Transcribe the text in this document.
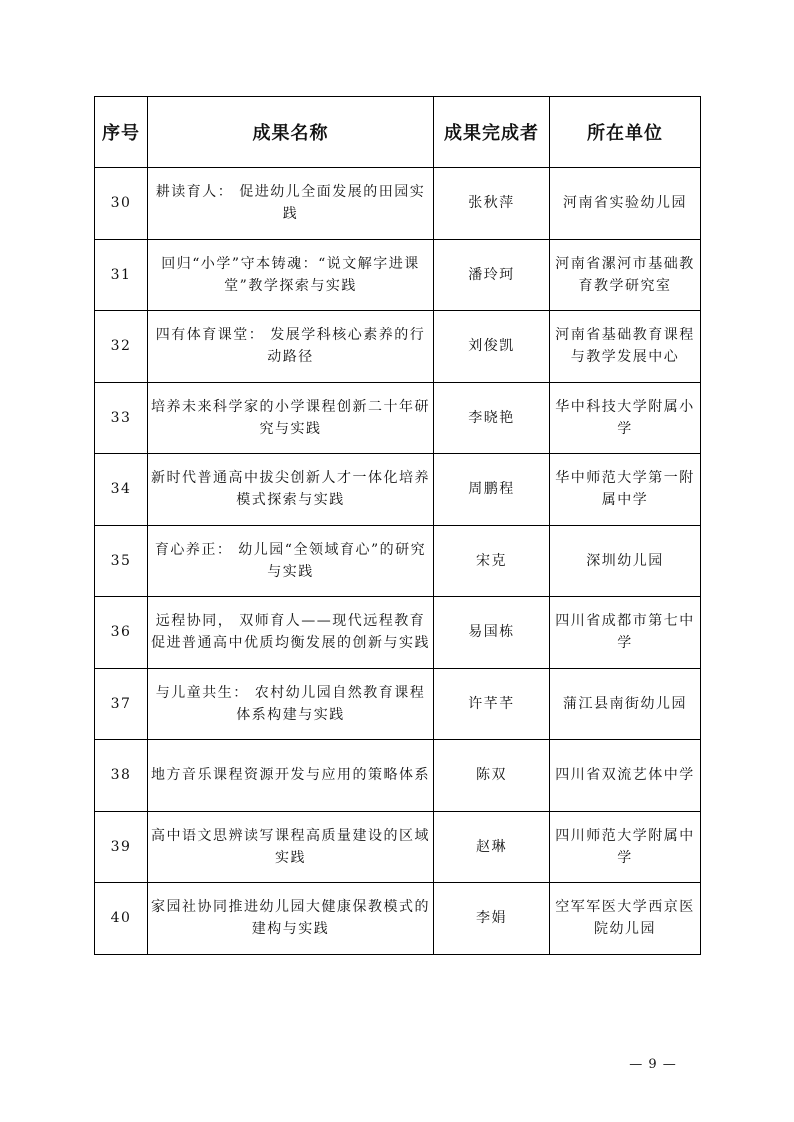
序号	成果名称	成果完成者	所在单位
30	耕读育人： 促进幼儿全面发展的田园实践	张秋萍	河南省实验幼儿园
31	回归“小学”守本铸魂：“说文解字进课堂”教学探索与实践	潘玲珂	河南省漯河市基础教育教学研究室
32	四有体育课堂： 发展学科核心素养的行动路径	刘俊凯	河南省基础教育课程与教学发展中心
33	培养未来科学家的小学课程创新二十年研究与实践	李晓艳	华中科技大学附属小学
34	新时代普通高中拔尖创新人才一体化培养模式探索与实践	周鹏程	华中师范大学第一附属中学
35	育心养正： 幼儿园“全领域育心”的研究与实践	宋克	深圳幼儿园
36	远程协同， 双师育人——现代远程教育促进普通高中优质均衡发展的创新与实践	易国栋	四川省成都市第七中学
37	与儿童共生： 农村幼儿园自然教育课程体系构建与实践	许芊芊	蒲江县南街幼儿园
38	地方音乐课程资源开发与应用的策略体系	陈双	四川省双流艺体中学
39	高中语文思辨读写课程高质量建设的区域实践	赵琳	四川师范大学附属中学
40	家园社协同推进幼儿园大健康保教模式的建构与实践	李娟	空军军医大学西京医院幼儿园
— 9 —
